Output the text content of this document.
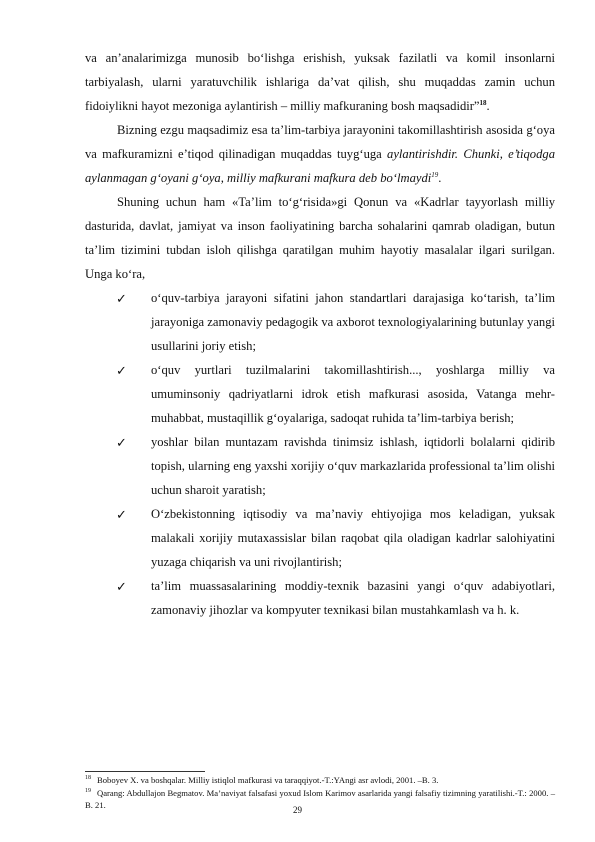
va an’analarimizga munosib bo‘lishga erishish, yuksak fazilatli va komil insonlarni tarbiyalash, ularni yaratuvchilik ishlariga da’vat qilish, shu muqaddas zamin uchun fidoiylikni hayot mezoniga aylantirish – milliy mafkuraning bosh maqsadidir”$^{18}$.

Bizning ezgu maqsadimiz esa ta’lim-tarbiya jarayonini takomillashtirish asosida g‘oya va mafkuramizni e’tiqod qilinadigan muqaddas tuyg‘uga aylantirishdir. Chunki, e’tiqodga aylanmagan g‘oyani g‘oya, milliy mafkurani mafkura deb bo‘lmaydi$^{19}$.

Shuning uchun ham «Ta’lim to‘g‘risida»gi Qonun va «Kadrlar tayyorlash milliy dasturida, davlat, jamiyat va inson faoliyatining barcha sohalarini qamrab oladigan, butun ta’lim tizimini tubdan isloh qilishga qaratilgan muhim hayotiy masalalar ilgari surilgan. Unga ko‘ra,

✓ o‘quv-tarbiya jarayoni sifatini jahon standartlari darajasiga ko‘tarish, ta’lim jarayoniga zamonaviy pedagogik va axborot texnologiyalarining butunlay yangi usullarini joriy etish;

✓ o‘quv yurtlari tuzilmalarini takomillashtirish..., yoshlarga milliy va umuminsoniy qadriyatlarni idrok etish mafkurasi asosida, Vatanga mehr-muhabbat, mustaqillik g‘oyalariga, sadoqat ruhida ta’lim-tarbiya berish;

✓ yoshlar bilan muntazam ravishda tinimsiz ishlash, iqtidorli bolalarni qidirib topish, ularning eng yaxshi xorijiy o‘quv markazlarida professional ta’lim olishi uchun sharoit yaratish;

✓ O‘zbekistonning iqtisodiy va ma’naviy ehtiyojiga mos keladigan, yuksak malakali xorijiy mutaxassislar bilan raqobat qila oladigan kadrlar salohiyatini yuzaga chiqarish va uni rivojlantirish;

✓ ta’lim muassasalarining moddiy-texnik bazasini yangi o‘quv adabiyotlari, zamonaviy jihozlar va kompyuter texnikasi bilan mustahkamlash va h. k.

$^{18}$ Boboyev X. va boshqalar. Milliy istiqlol mafkurasi va taraqqiyot.-T.:YAngi asr avlodi, 2001. –B. 3.
$^{19}$ Qarang: Abdullajon Begmatov. Ma’naviyat falsafasi yoxud Islom Karimov asarlarida yangi falsafiy tizimning yaratilishi.-T.: 2000. –B. 21.
29
